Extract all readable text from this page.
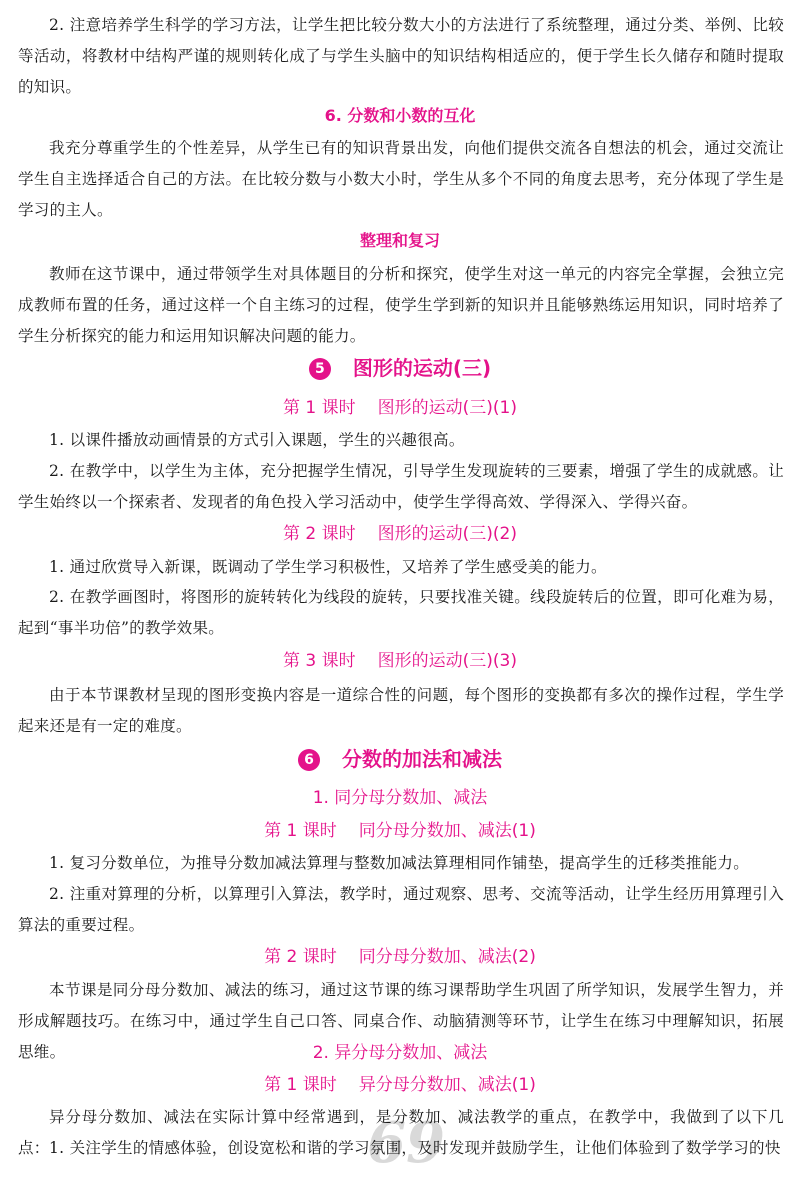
2. 注意培养学生科学的学习方法，让学生把比较分数大小的方法进行了系统整理，通过分类、举例、比较等活动，将教材中结构严谨的规则转化成了与学生头脑中的知识结构相适应的，便于学生长久储存和随时提取的知识。

6. 分数和小数的互化

我充分尊重学生的个性差异，从学生已有的知识背景出发，向他们提供交流各自想法的机会，通过交流让学生自主选择适合自己的方法。在比较分数与小数大小时，学生从多个不同的角度去思考，充分体现了学生是学习的主人。

整理和复习

教师在这节课中，通过带领学生对具体题目的分析和探究，使学生对这一单元的内容完全掌握，会独立完成教师布置的任务，通过这样一个自主练习的过程，使学生学到新的知识并且能够熟练运用知识，同时培养了学生分析探究的能力和运用知识解决问题的能力。

5 图形的运动(三)
第 1 课时 图形的运动(三)(1)

1. 以课件播放动画情景的方式引入课题，学生的兴趣很高。

2. 在教学中，以学生为主体，充分把握学生情况，引导学生发现旋转的三要素，增强了学生的成就感。让学生始终以一个探索者、发现者的角色投入学习活动中，使学生学得高效、学得深入、学得兴奋。

第 2 课时 图形的运动(三)(2)

1. 通过欣赏导入新课，既调动了学生学习积极性，又培养了学生感受美的能力。

2. 在教学画图时，将图形的旋转转化为线段的旋转，只要找准关键。线段旋转后的位置，即可化难为易，起到“事半功倍”的教学效果。

第 3 课时 图形的运动(三)(3)

由于本节课教材呈现的图形变换内容是一道综合性的问题，每个图形的变换都有多次的操作过程，学生学起来还是有一定的难度。

6 分数的加法和减法
1. 同分母分数加、减法
第 1 课时 同分母分数加、减法(1)

1. 复习分数单位，为推导分数加减法算理与整数加减法算理相同作铺垫，提高学生的迁移类推能力。

2. 注重对算理的分析，以算理引入算法，教学时，通过观察、思考、交流等活动，让学生经历用算理引入算法的重要过程。

第 2 课时 同分母分数加、减法(2)

本节课是同分母分数加、减法的练习，通过这节课的练习课帮助学生巩固了所学知识，发展学生智力，并形成解题技巧。在练习中，通过学生自己口答、同桌合作、动脑猜测等环节，让学生在练习中理解知识，拓展思维。	2. 异分母分数加、减法
第 1 课时 异分母分数加、减法(1)
69

异分母分数加、减法在实际计算中经常遇到，是分数加、减法教学的重点，在教学中，我做到了以下几点： 1. 关注学生的情感体验，创设宽松和谐的学习氛围，及时发现并鼓励学生，让他们体验到了数学学习的快
